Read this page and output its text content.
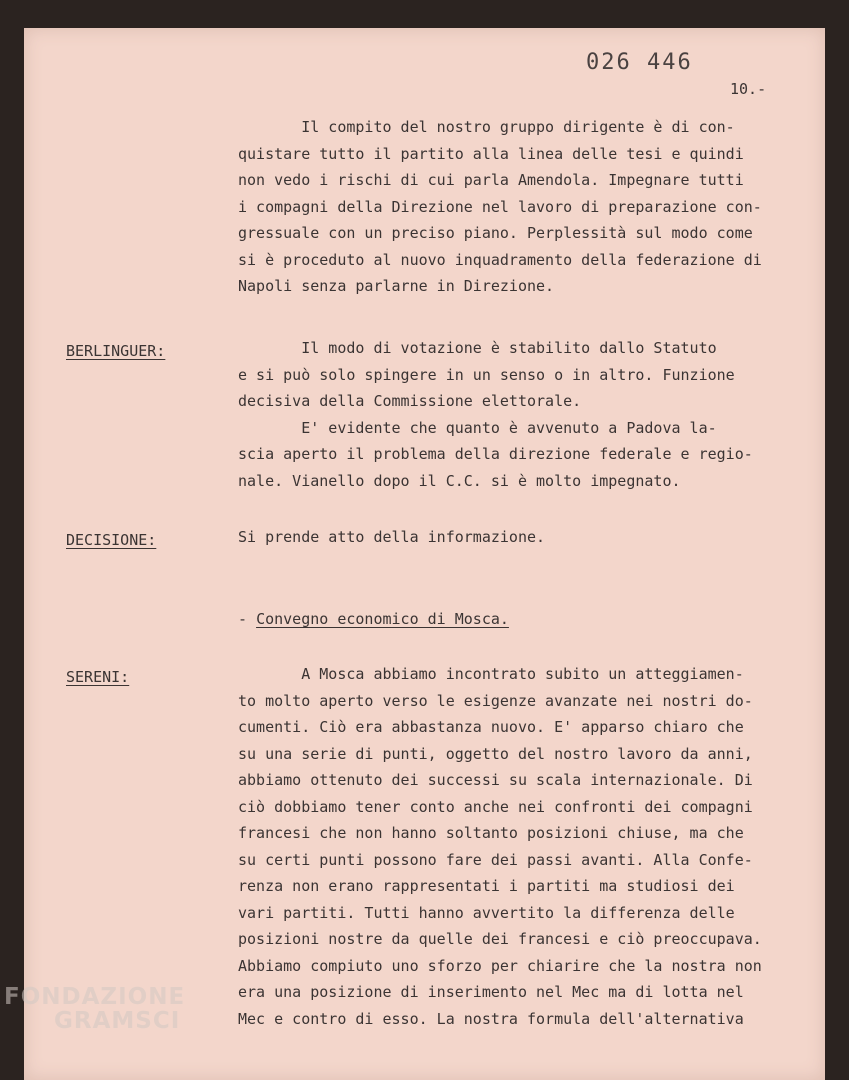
026 446
10.-
Il compito del nostro gruppo dirigente è di con-
quistare tutto il partito alla linea delle tesi e quindi
non vedo i rischi di cui parla Amendola. Impegnare tutti
i compagni della Direzione nel lavoro di preparazione con-
gressuale con un preciso piano. Perplessità sul modo come
si è proceduto al nuovo inquadramento della federazione di
Napoli senza parlarne in Direzione.
BERLINGUER:	Il modo di votazione è stabilito dallo Statuto
e si può solo spingere in un senso o in altro. Funzione
decisiva della Commissione elettorale.
E' evidente che quanto è avvenuto a Padova la-
scia aperto il problema della direzione federale e regio-
nale. Vianello dopo il C.C. si è molto impegnato.
DECISIONE:	Si prende atto della informazione.
- Convegno economico di Mosca.
SERENI:	A Mosca abbiamo incontrato subito un atteggiamen-
to molto aperto verso le esigenze avanzate nei nostri do-
cumenti. Ciò era abbastanza nuovo. E' apparso chiaro che
su una serie di punti, oggetto del nostro lavoro da anni,
abbiamo ottenuto dei successi su scala internazionale. Di
ciò dobbiamo tener conto anche nei confronti dei compagni
francesi che non hanno soltanto posizioni chiuse, ma che
su certi punti possono fare dei passi avanti. Alla Confe-
renza non erano rappresentati i partiti ma studiosi dei
vari partiti. Tutti hanno avvertito la differenza delle
posizioni nostre da quelle dei francesi e ciò preoccupava.
Abbiamo compiuto uno sforzo per chiarire che la nostra non
era una posizione di inserimento nel Mec ma di lotta nel
Mec e contro di esso. La nostra formula dell'alternativa
FONDAZIONE
GRAMSCI
